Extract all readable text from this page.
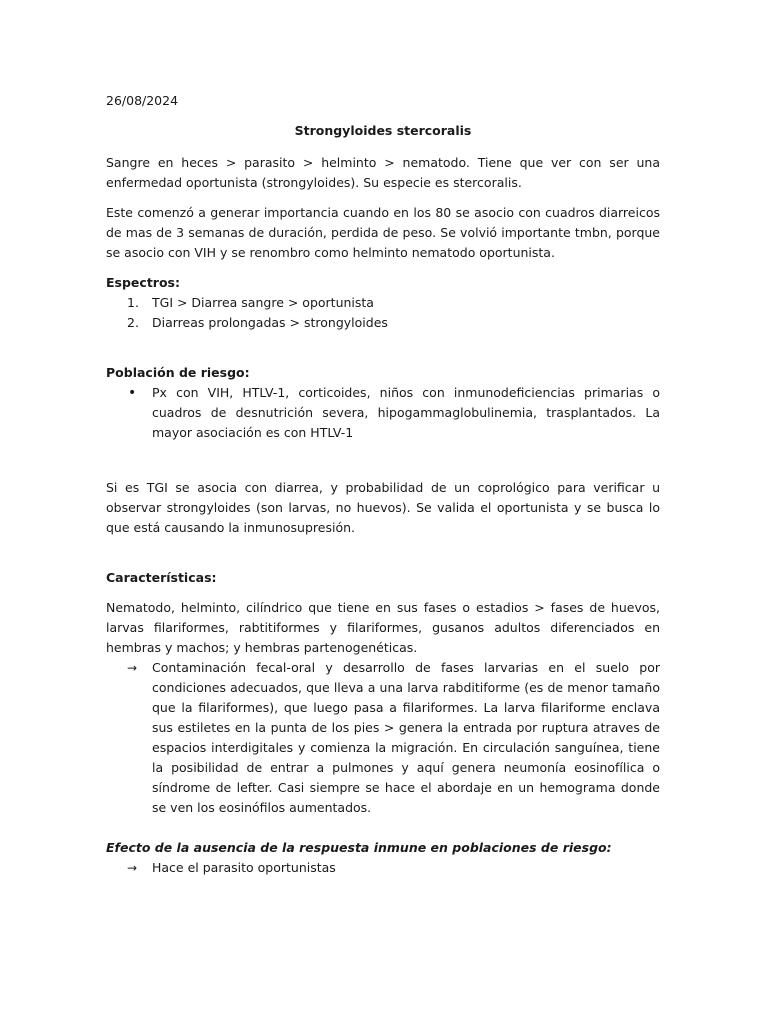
26/08/2024

Strongyloides stercoralis

Sangre en heces > parasito > helminto > nematodo. Tiene que ver con ser una enfermedad oportunista (strongyloides). Su especie es stercoralis.

Este comenzó a generar importancia cuando en los 80 se asocio con cuadros diarreicos de mas de 3 semanas de duración, perdida de peso. Se volvió importante tmbn, porque se asocio con VIH y se renombro como helminto nematodo oportunista.

Espectros:

1. TGI > Diarrea sangre > oportunista
2. Diarreas prolongadas > strongyloides

Población de riesgo:

• Px con VIH, HTLV-1, corticoides, niños con inmunodeficiencias primarias o cuadros de desnutrición severa, hipogammaglobulinemia, trasplantados. La mayor asociación es con HTLV-1

Si es TGI se asocia con diarrea, y probabilidad de un coprológico para verificar u observar strongyloides (son larvas, no huevos). Se valida el oportunista y se busca lo que está causando la inmunosupresión.

Características:

Nematodo, helminto, cilíndrico que tiene en sus fases o estadios > fases de huevos, larvas filariformes, rabtitiformes y filariformes, gusanos adultos diferenciados en hembras y machos; y hembras partenogenéticas.

→ Contaminación fecal-oral y desarrollo de fases larvarias en el suelo por condiciones adecuados, que lleva a una larva rabditiforme (es de menor tamaño que la filariformes), que luego pasa a filariformes. La larva filariforme enclava sus estiletes en la punta de los pies > genera la entrada por ruptura atraves de espacios interdigitales y comienza la migración. En circulación sanguínea, tiene la posibilidad de entrar a pulmones y aquí genera neumonía eosinofílica o síndrome de lefter. Casi siempre se hace el abordaje en un hemograma donde se ven los eosinófilos aumentados.

Efecto de la ausencia de la respuesta inmune en poblaciones de riesgo:

→ Hace el parasito oportunistas
